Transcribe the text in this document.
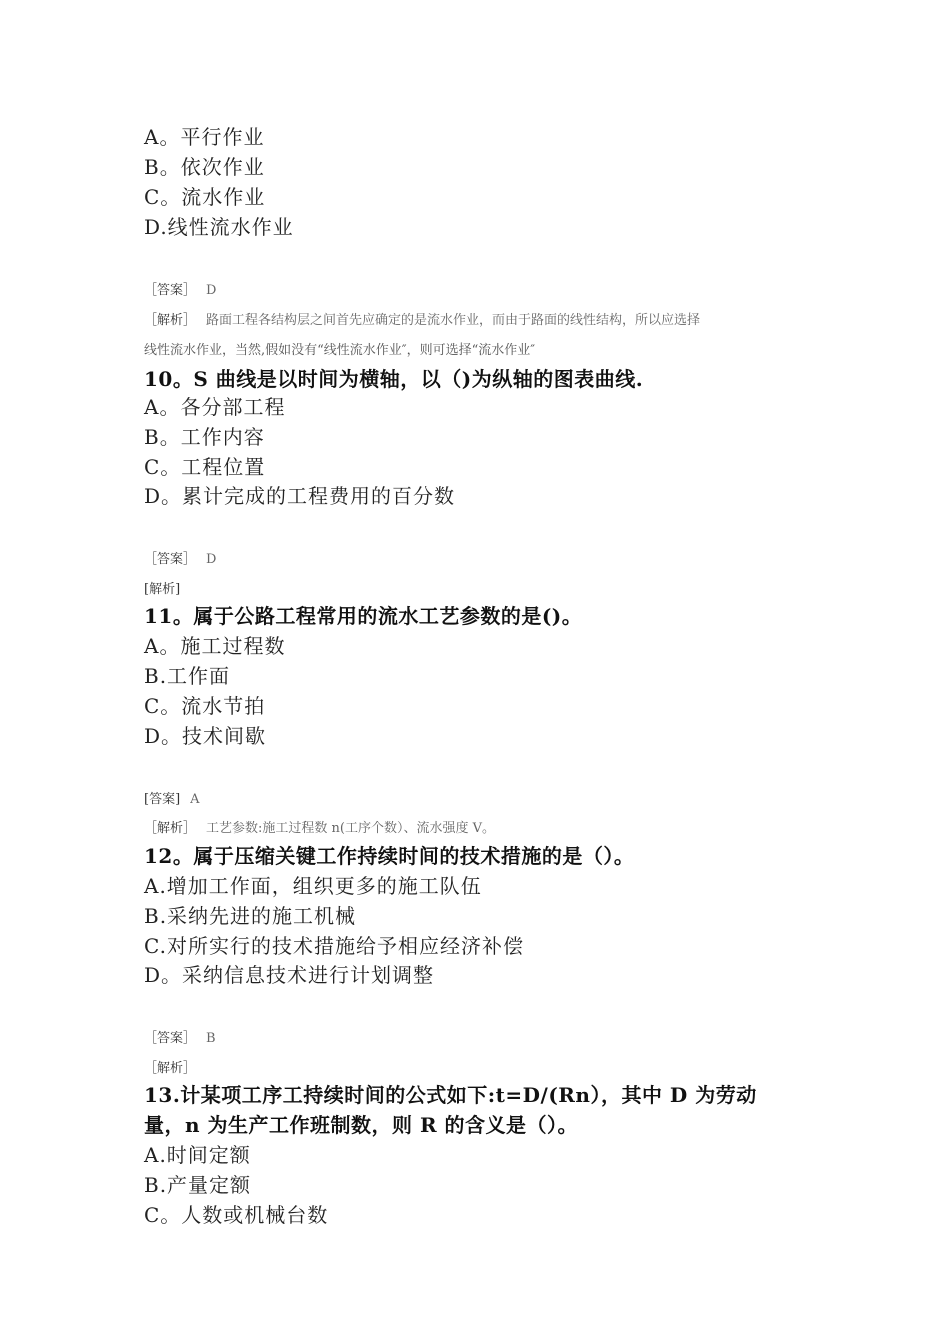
A。平行作业
B。依次作业
C。流水作业
D.线性流水作业
［答案］ D
［解析］ 路面工程各结构层之间首先应确定的是流水作业，而由于路面的线性结构，所以应选择
线性流水作业，当然,假如没有“线性流水作业″，则可选择“流水作业″
10。S 曲线是以时间为横轴，以（)为纵轴的图表曲线.
A。各分部工程
B。工作内容
C。工程位置
D。累计完成的工程费用的百分数
［答案］ D
[解析]
11。属于公路工程常用的流水工艺参数的是()。
A。施工过程数
B.工作面
C。流水节拍
D。技术间歇
[答案] A
［解析］ 工艺参数:施工过程数 n(工序个数）、流水强度 V。
12。属于压缩关键工作持续时间的技术措施的是（）。
A.增加工作面，组织更多的施工队伍
B.采纳先进的施工机械
C.对所实行的技术措施给予相应经济补偿
D。采纳信息技术进行计划调整
［答案］ B
［解析］
13.计某项工序工持续时间的公式如下:t=D/(Rn），其中 D 为劳动
量，n 为生产工作班制数，则 R 的含义是（）。
A.时间定额
B.产量定额
C。人数或机械台数
